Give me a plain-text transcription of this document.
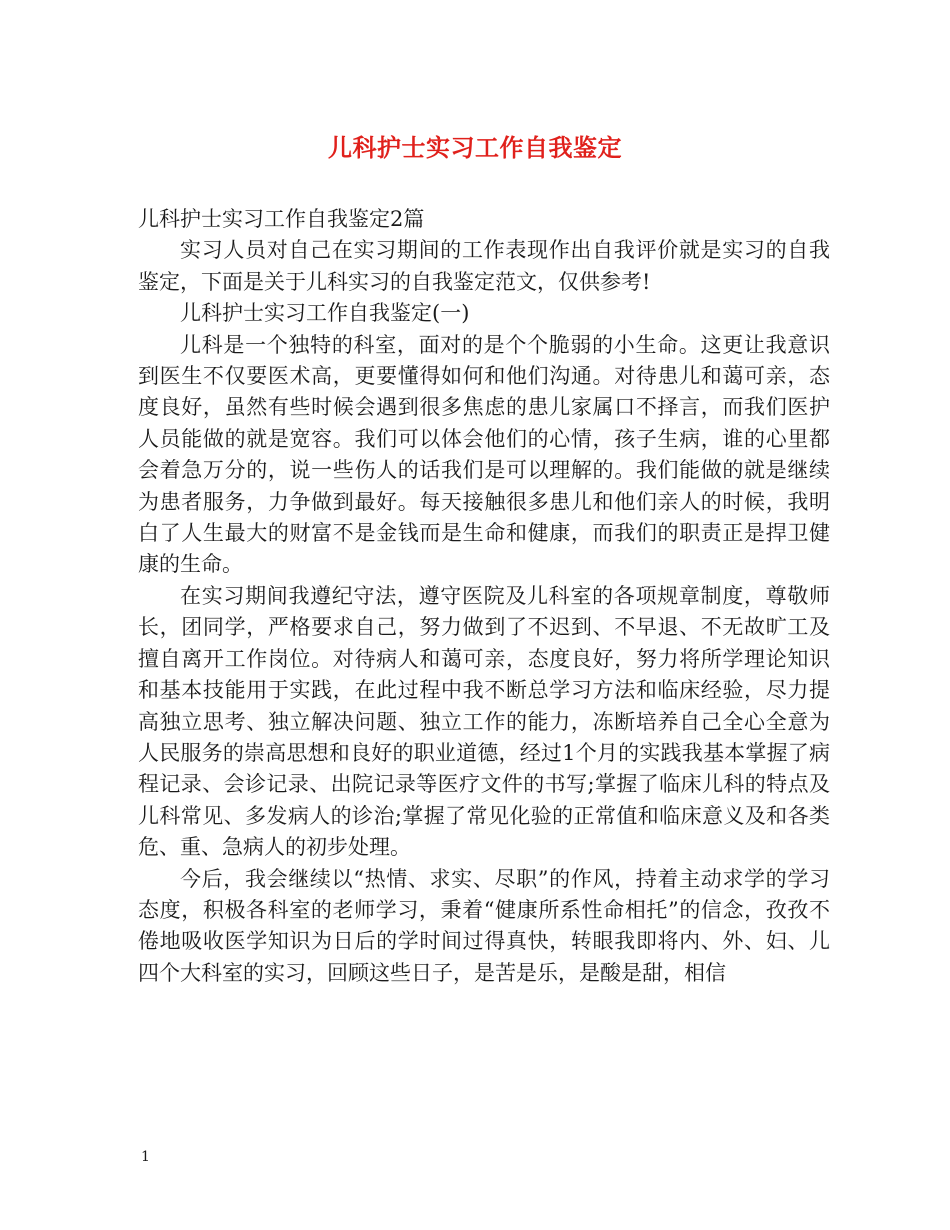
儿科护士实习工作自我鉴定

儿科护士实习工作自我鉴定2篇

实习人员对自己在实习期间的工作表现作出自我评价就是实习的自我鉴定，下面是关于儿科实习的自我鉴定范文，仅供参考!

儿科护士实习工作自我鉴定(一)

儿科是一个独特的科室，面对的是个个脆弱的小生命。这更让我意识到医生不仅要医术高，更要懂得如何和他们沟通。对待患儿和蔼可亲，态度良好，虽然有些时候会遇到很多焦虑的患儿家属口不择言，而我们医护人员能做的就是宽容。我们可以体会他们的心情，孩子生病，谁的心里都会着急万分的，说一些伤人的话我们是可以理解的。我们能做的就是继续为患者服务，力争做到最好。每天接触很多患儿和他们亲人的时候，我明白了人生最大的财富不是金钱而是生命和健康，而我们的职责正是捍卫健康的生命。

在实习期间我遵纪守法，遵守医院及儿科室的各项规章制度，尊敬师长，团同学，严格要求自己，努力做到了不迟到、不早退、不无故旷工及擅自离开工作岗位。对待病人和蔼可亲，态度良好，努力将所学理论知识和基本技能用于实践，在此过程中我不断总学习方法和临床经验，尽力提高独立思考、独立解决问题、独立工作的能力，冻断培养自己全心全意为人民服务的崇高思想和良好的职业道德，经过1个月的实践我基本掌握了病程记录、会诊记录、出院记录等医疗文件的书写;掌握了临床儿科的特点及儿科常见、多发病人的诊治;掌握了常见化验的正常值和临床意义及和各类危、重、急病人的初步处理。

今后，我会继续以“热情、求实、尽职”的作风，持着主动求学的学习态度，积极各科室的老师学习，秉着“健康所系性命相托”的信念，孜孜不倦地吸收医学知识为日后的学时间过得真快，转眼我即将内、外、妇、儿四个大科室的实习，回顾这些日子，是苦是乐，是酸是甜，相信

1
